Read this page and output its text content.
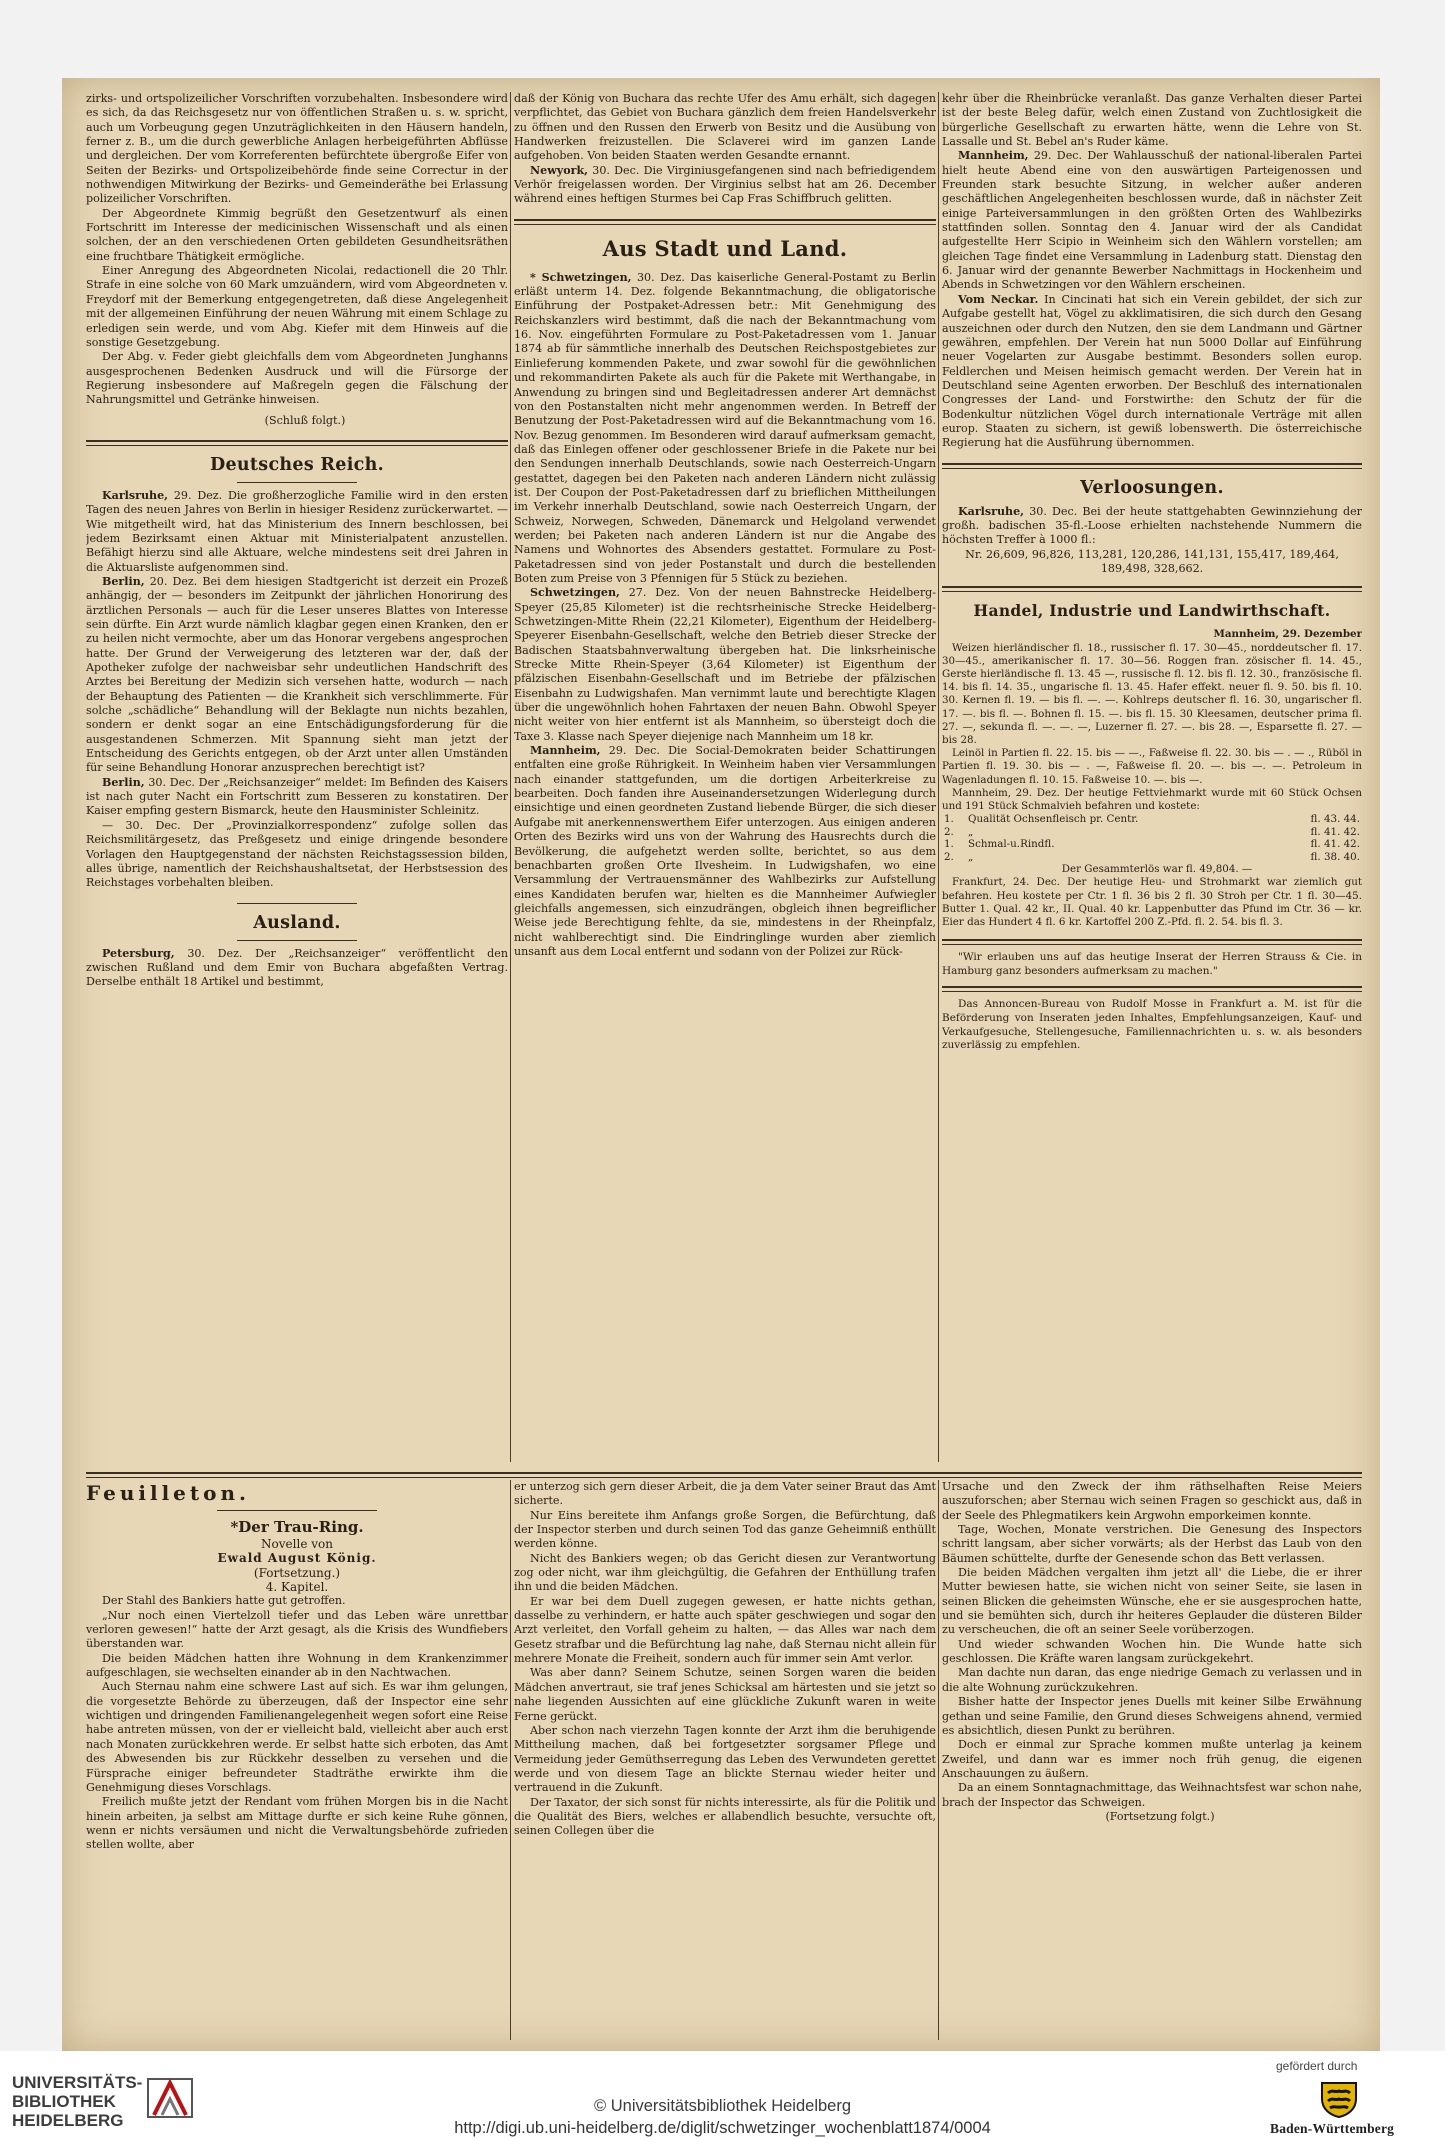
zirks- und ortspolizeilicher Vorschriften vorzubehalten. Insbesondere wird es sich, da das Reichsgesetz nur von öffentlichen Straßen u. s. w. spricht, auch um Vorbeugung gegen Unzuträglichkeiten in den Häusern handeln, ferner z. B., um die durch gewerbliche Anlagen herbeigeführten Abflüsse und dergleichen. Der vom Korreferenten befürchtete übergroße Eifer von Seiten der Bezirks- und Ortspolizeibehörde finde seine Correctur in der nothwendigen Mitwirkung der Bezirks- und Gemeinderäthe bei Erlassung polizeilicher Vorschriften.

Der Abgeordnete Kimmig begrüßt den Gesetzentwurf als einen Fortschritt im Interesse der medicinischen Wissenschaft und als einen solchen, der an den verschiedenen Orten gebildeten Gesundheitsräthen eine fruchtbare Thätigkeit ermögliche.

Einer Anregung des Abgeordneten Nicolai, redactionell die 20 Thlr. Strafe in eine solche von 60 Mark umzuändern, wird vom Abgeordneten v. Freydorf mit der Bemerkung entgegengetreten, daß diese Angelegenheit mit der allgemeinen Einführung der neuen Währung mit einem Schlage zu erledigen sein werde, und vom Abg. Kiefer mit dem Hinweis auf die sonstige Gesetzgebung.

Der Abg. v. Feder giebt gleichfalls dem vom Abgeordneten Junghanns ausgesprochenen Bedenken Ausdruck und will die Fürsorge der Regierung insbesondere auf Maßregeln gegen die Fälschung der Nahrungsmittel und Getränke hinweisen.

(Schluß folgt.)

Deutsches Reich.

Karlsruhe, 29. Dez. Die großherzogliche Familie wird in den ersten Tagen des neuen Jahres von Berlin in hiesiger Residenz zurückerwartet. — Wie mitgetheilt wird, hat das Ministerium des Innern beschlossen, bei jedem Bezirksamt einen Aktuar mit Ministerialpatent anzustellen. Befähigt hierzu sind alle Aktuare, welche mindestens seit drei Jahren in die Aktuarsliste aufgenommen sind.

Berlin, 20. Dez. Bei dem hiesigen Stadtgericht ist derzeit ein Prozeß anhängig, der — besonders im Zeitpunkt der jährlichen Honorirung des ärztlichen Personals — auch für die Leser unseres Blattes von Interesse sein dürfte. Ein Arzt wurde nämlich klagbar gegen einen Kranken, den er zu heilen nicht vermochte, aber um das Honorar vergebens angesprochen hatte. Der Grund der Verweigerung des letzteren war der, daß der Apotheker zufolge der nachweisbar sehr undeutlichen Handschrift des Arztes bei Bereitung der Medizin sich versehen hatte, wodurch — nach der Behauptung des Patienten — die Krankheit sich verschlimmerte. Für solche „schädliche“ Behandlung will der Beklagte nun nichts bezahlen, sondern er denkt sogar an eine Entschädigungsforderung für die ausgestandenen Schmerzen. Mit Spannung sieht man jetzt der Entscheidung des Gerichts entgegen, ob der Arzt unter allen Umständen für seine Behandlung Honorar anzusprechen berechtigt ist?

Berlin, 30. Dec. Der „Reichsanzeiger“ meldet: Im Befinden des Kaisers ist nach guter Nacht ein Fortschritt zum Besseren zu konstatiren. Der Kaiser empfing gestern Bismarck, heute den Hausminister Schleinitz.

— 30. Dec. Der „Provinzialkorrespondenz“ zufolge sollen das Reichsmilitärgesetz, das Preßgesetz und einige dringende besondere Vorlagen den Hauptgegenstand der nächsten Reichstagssession bilden, alles übrige, namentlich der Reichshaushaltsetat, der Herbstsession des Reichstages vorbehalten bleiben.

Ausland.

Petersburg, 30. Dez. Der „Reichsanzeiger“ veröffentlicht den zwischen Rußland und dem Emir von Buchara abgefaßten Vertrag. Derselbe enthält 18 Artikel und bestimmt,

daß der König von Buchara das rechte Ufer des Amu erhält, sich dagegen verpflichtet, das Gebiet von Buchara gänzlich dem freien Handelsverkehr zu öffnen und den Russen den Erwerb von Besitz und die Ausübung von Handwerken freizustellen. Die Sclaverei wird im ganzen Lande aufgehoben. Von beiden Staaten werden Gesandte ernannt.

Newyork, 30. Dec. Die Virginiusgefangenen sind nach befriedigendem Verhör freigelassen worden. Der Virginius selbst hat am 26. December während eines heftigen Sturmes bei Cap Fras Schiffbruch gelitten.

Aus Stadt und Land.

* Schwetzingen, 30. Dez. Das kaiserliche General-Postamt zu Berlin erläßt unterm 14. Dez. folgende Bekanntmachung, die obligatorische Einführung der Postpaket-Adressen betr.: Mit Genehmigung des Reichskanzlers wird bestimmt, daß die nach der Bekanntmachung vom 16. Nov. eingeführten Formulare zu Post-Paketadressen vom 1. Januar 1874 ab für sämmtliche innerhalb des Deutschen Reichspostgebietes zur Einlieferung kommenden Pakete, und zwar sowohl für die gewöhnlichen und rekommandirten Pakete als auch für die Pakete mit Werthangabe, in Anwendung zu bringen sind und Begleitadressen anderer Art demnächst von den Postanstalten nicht mehr angenommen werden. In Betreff der Benutzung der Post-Paketadressen wird auf die Bekanntmachung vom 16. Nov. Bezug genommen. Im Besonderen wird darauf aufmerksam gemacht, daß das Einlegen offener oder geschlossener Briefe in die Pakete nur bei den Sendungen innerhalb Deutschlands, sowie nach Oesterreich-Ungarn gestattet, dagegen bei den Paketen nach anderen Ländern nicht zulässig ist. Der Coupon der Post-Paketadressen darf zu brieflichen Mittheilungen im Verkehr innerhalb Deutschland, sowie nach Oesterreich Ungarn, der Schweiz, Norwegen, Schweden, Dänemarck und Helgoland verwendet werden; bei Paketen nach anderen Ländern ist nur die Angabe des Namens und Wohnortes des Absenders gestattet. Formulare zu Post-Paketadressen sind von jeder Postanstalt und durch die bestellenden Boten zum Preise von 3 Pfennigen für 5 Stück zu beziehen.

Schwetzingen, 27. Dez. Von der neuen Bahnstrecke Heidelberg-Speyer (25,85 Kilometer) ist die rechtsrheinische Strecke Heidelberg-Schwetzingen-Mitte Rhein (22,21 Kilometer), Eigenthum der Heidelberg-Speyerer Eisenbahn-Gesellschaft, welche den Betrieb dieser Strecke der Badischen Staatsbahnverwaltung übergeben hat. Die linksrheinische Strecke Mitte Rhein-Speyer (3,64 Kilometer) ist Eigenthum der pfälzischen Eisenbahn-Gesellschaft und im Betriebe der pfälzischen Eisenbahn zu Ludwigshafen. Man vernimmt laute und berechtigte Klagen über die ungewöhnlich hohen Fahrtaxen der neuen Bahn. Obwohl Speyer nicht weiter von hier entfernt ist als Mannheim, so übersteigt doch die Taxe 3. Klasse nach Speyer diejenige nach Mannheim um 18 kr.

Mannheim, 29. Dec. Die Social-Demokraten beider Schattirungen entfalten eine große Rührigkeit. In Weinheim haben vier Versammlungen nach einander stattgefunden, um die dortigen Arbeiterkreise zu bearbeiten. Doch fanden ihre Auseinandersetzungen Widerlegung durch einsichtige und einen geordneten Zustand liebende Bürger, die sich dieser Aufgabe mit anerkennenswerthem Eifer unterzogen. Aus einigen anderen Orten des Bezirks wird uns von der Wahrung des Hausrechts durch die Bevölkerung, die aufgehetzt werden sollte, berichtet, so aus dem benachbarten großen Orte Ilvesheim. In Ludwigshafen, wo eine Versammlung der Vertrauensmänner des Wahlbezirks zur Aufstellung eines Kandidaten berufen war, hielten es die Mannheimer Aufwiegler gleichfalls angemessen, sich einzudrängen, obgleich ihnen begreiflicher Weise jede Berechtigung fehlte, da sie, mindestens in der Rheinpfalz, nicht wahlberechtigt sind. Die Eindringlinge wurden aber ziemlich unsanft aus dem Local entfernt und sodann von der Polizei zur Rück-

kehr über die Rheinbrücke veranlaßt. Das ganze Verhalten dieser Partei ist der beste Beleg dafür, welch einen Zustand von Zuchtlosigkeit die bürgerliche Gesellschaft zu erwarten hätte, wenn die Lehre von St. Lassalle und St. Bebel an's Ruder käme.

Mannheim, 29. Dec. Der Wahlausschuß der national-liberalen Partei hielt heute Abend eine von den auswärtigen Parteigenossen und Freunden stark besuchte Sitzung, in welcher außer anderen geschäftlichen Angelegenheiten beschlossen wurde, daß in nächster Zeit einige Parteiversammlungen in den größten Orten des Wahlbezirks stattfinden sollen. Sonntag den 4. Januar wird der als Candidat aufgestellte Herr Scipio in Weinheim sich den Wählern vorstellen; am gleichen Tage findet eine Versammlung in Ladenburg statt. Dienstag den 6. Januar wird der genannte Bewerber Nachmittags in Hockenheim und Abends in Schwetzingen vor den Wählern erscheinen.

Vom Neckar. In Cincinati hat sich ein Verein gebildet, der sich zur Aufgabe gestellt hat, Vögel zu akklimatisiren, die sich durch den Gesang auszeichnen oder durch den Nutzen, den sie dem Landmann und Gärtner gewähren, empfehlen. Der Verein hat nun 5000 Dollar auf Einführung neuer Vogelarten zur Ausgabe bestimmt. Besonders sollen europ. Feldlerchen und Meisen heimisch gemacht werden. Der Verein hat in Deutschland seine Agenten erworben. Der Beschluß des internationalen Congresses der Land- und Forstwirthe: den Schutz der für die Bodenkultur nützlichen Vögel durch internationale Verträge mit allen europ. Staaten zu sichern, ist gewiß lobenswerth. Die österreichische Regierung hat die Ausführung übernommen.

Verloosungen.

Karlsruhe, 30. Dec. Bei der heute stattgehabten Gewinnziehung der großh. badischen 35-fl.-Loose erhielten nachstehende Nummern die höchsten Treffer à 1000 fl.:

Nr. 26,609, 96,826, 113,281, 120,286, 141,131, 155,417, 189,464, 189,498, 328,662.

Handel, Industrie und Landwirthschaft.

Mannheim, 29. Dezember

Weizen hierländischer fl. 18., russischer fl. 17. 30—45., norddeutscher fl. 17. 30—45., amerikanischer fl. 17. 30—56. Roggen fran. zösischer fl. 14. 45., Gerste hierländische fl. 13. 45 —, russische fl. 12. bis fl. 12. 30., französische fl. 14. bis fl. 14. 35., ungarische fl. 13. 45. Hafer effekt. neuer fl. 9. 50. bis fl. 10. 30. Kernen fl. 19. — bis fl. —. —. Kohlreps deutscher fl. 16. 30, ungarischer fl. 17. —. bis fl. —. Bohnen fl. 15. —. bis fl. 15. 30 Kleesamen, deutscher prima fl. 27. —, sekunda fl. —. —. —, Luzerner fl. 27. —. bis 28. —, Esparsette fl. 27. — bis 28.

Leinöl in Partien fl. 22. 15. bis — —., Faßweise fl. 22. 30. bis — . — ., Rüböl in Partien fl. 19. 30. bis — . —, Faßweise fl. 20. —. bis —. —. Petroleum in Wagenladungen fl. 10. 15. Faßweise 10. —. bis —.

Mannheim, 29. Dez. Der heutige Fettviehmarkt wurde mit 60 Stück Ochsen und 191 Stück Schmalvieh befahren und kostete:

1.	Qualität Ochsenfleisch pr. Centr.	fl. 43. 44.
2.	„	fl. 41. 42.
1.	Schmal-u.Rindfl.	fl. 41. 42.
2.	„	fl. 38. 40.

Der Gesammterlös war fl. 49,804. —

Frankfurt, 24. Dec. Der heutige Heu- und Strohmarkt war ziemlich gut befahren. Heu kostete per Ctr. 1 fl. 36 bis 2 fl. 30 Stroh per Ctr. 1 fl. 30—45. Butter 1. Qual. 42 kr., II. Qual. 40 kr. Lappenbutter das Pfund im Ctr. 36 — kr. Eier das Hundert 4 fl. 6 kr. Kartoffel 200 Z.-Pfd. fl. 2. 54. bis fl. 3.

"Wir erlauben uns auf das heutige Inserat der Herren Strauss & Cie. in Hamburg ganz besonders aufmerksam zu machen."

Das Annoncen-Bureau von Rudolf Mosse in Frankfurt a. M. ist für die Beförderung von Inseraten jeden Inhaltes, Empfehlungsanzeigen, Kauf- und Verkaufgesuche, Stellengesuche, Familiennachrichten u. s. w. als besonders zuverlässig zu empfehlen.

Feuilleton.

*Der Trau-Ring.

Novelle von

Ewald August König.

(Fortsetzung.)

4. Kapitel.

Der Stahl des Bankiers hatte gut getroffen.

„Nur noch einen Viertelzoll tiefer und das Leben wäre unrettbar verloren gewesen!“ hatte der Arzt gesagt, als die Krisis des Wundfiebers überstanden war.

Die beiden Mädchen hatten ihre Wohnung in dem Krankenzimmer aufgeschlagen, sie wechselten einander ab in den Nachtwachen.

Auch Sternau nahm eine schwere Last auf sich. Es war ihm gelungen, die vorgesetzte Behörde zu überzeugen, daß der Inspector eine sehr wichtigen und dringenden Familienangelegenheit wegen sofort eine Reise habe antreten müssen, von der er vielleicht bald, vielleicht aber auch erst nach Monaten zurückkehren werde. Er selbst hatte sich erboten, das Amt des Abwesenden bis zur Rückkehr desselben zu versehen und die Fürsprache einiger befreundeter Stadträthe erwirkte ihm die Genehmigung dieses Vorschlags.

Freilich mußte jetzt der Rendant vom frühen Morgen bis in die Nacht hinein arbeiten, ja selbst am Mittage durfte er sich keine Ruhe gönnen, wenn er nichts versäumen und nicht die Verwaltungsbehörde zufrieden stellen wollte, aber

er unterzog sich gern dieser Arbeit, die ja dem Vater seiner Braut das Amt sicherte.

Nur Eins bereitete ihm Anfangs große Sorgen, die Befürchtung, daß der Inspector sterben und durch seinen Tod das ganze Geheimniß enthüllt werden könne.

Nicht des Bankiers wegen; ob das Gericht diesen zur Verantwortung zog oder nicht, war ihm gleichgültig, die Gefahren der Enthüllung trafen ihn und die beiden Mädchen.

Er war bei dem Duell zugegen gewesen, er hatte nichts gethan, dasselbe zu verhindern, er hatte auch später geschwiegen und sogar den Arzt verleitet, den Vorfall geheim zu halten, — das Alles war nach dem Gesetz strafbar und die Befürchtung lag nahe, daß Sternau nicht allein für mehrere Monate die Freiheit, sondern auch für immer sein Amt verlor.

Was aber dann? Seinem Schutze, seinen Sorgen waren die beiden Mädchen anvertraut, sie traf jenes Schicksal am härtesten und sie jetzt so nahe liegenden Aussichten auf eine glückliche Zukunft waren in weite Ferne gerückt.

Aber schon nach vierzehn Tagen konnte der Arzt ihm die beruhigende Mittheilung machen, daß bei fortgesetzter sorgsamer Pflege und Vermeidung jeder Gemüthserregung das Leben des Verwundeten gerettet werde und von diesem Tage an blickte Sternau wieder heiter und vertrauend in die Zukunft.

Der Taxator, der sich sonst für nichts interessirte, als für die Politik und die Qualität des Biers, welches er allabendlich besuchte, versuchte oft, seinen Collegen über die

Ursache und den Zweck der ihm räthselhaften Reise Meiers auszuforschen; aber Sternau wich seinen Fragen so geschickt aus, daß in der Seele des Phlegmatikers kein Argwohn emporkeimen konnte.

Tage, Wochen, Monate verstrichen. Die Genesung des Inspectors schritt langsam, aber sicher vorwärts; als der Herbst das Laub von den Bäumen schüttelte, durfte der Genesende schon das Bett verlassen.

Die beiden Mädchen vergalten ihm jetzt all' die Liebe, die er ihrer Mutter bewiesen hatte, sie wichen nicht von seiner Seite, sie lasen in seinen Blicken die geheimsten Wünsche, ehe er sie ausgesprochen hatte, und sie bemühten sich, durch ihr heiteres Geplauder die düsteren Bilder zu verscheuchen, die oft an seiner Seele vorüberzogen.

Und wieder schwanden Wochen hin. Die Wunde hatte sich geschlossen. Die Kräfte waren langsam zurückgekehrt.

Man dachte nun daran, das enge niedrige Gemach zu verlassen und in die alte Wohnung zurückzukehren.

Bisher hatte der Inspector jenes Duells mit keiner Silbe Erwähnung gethan und seine Familie, den Grund dieses Schweigens ahnend, vermied es absichtlich, diesen Punkt zu berühren.

Doch er einmal zur Sprache kommen mußte unterlag ja keinem Zweifel, und dann war es immer noch früh genug, die eigenen Anschauungen zu äußern.

Da an einem Sonntagnachmittage, das Weihnachtsfest war schon nahe, brach der Inspector das Schweigen.

(Fortsetzung folgt.)

UNIVERSITÄTS-
BIBLIOTHEK
HEIDELBERG
© Universitätsbibliothek Heidelberg
http://digi.ub.uni-heidelberg.de/diglit/schwetzinger_wochenblatt1874/0004
gefördert durch
Baden-Württemberg
